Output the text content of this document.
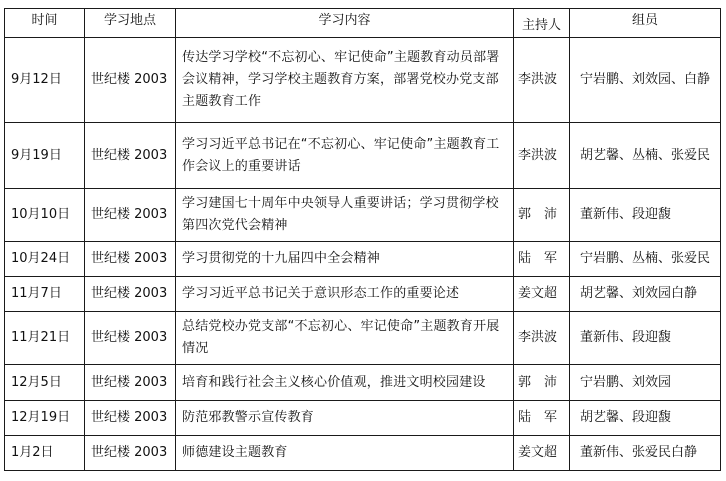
时间	学习地点	学习内容	主持人	组员
9月12日	世纪楼 2003	传达学习学校“不忘初心、牢记使命”主题教育动员部署会议精神，学习学校主题教育方案，部署党校办党支部主题教育工作	李洪波	宁岩鹏、刘效园、白静
9月19日	世纪楼 2003	学习习近平总书记在“不忘初心、牢记使命”主题教育工作会议上的重要讲话	李洪波	胡艺馨、丛楠、张爱民
10月10日	世纪楼 2003	学习建国七十周年中央领导人重要讲话；学习贯彻学校第四次党代会精神	郭　沛	董新伟、段迎馥
10月24日	世纪楼 2003	学习贯彻党的十九届四中全会精神	陆　军	宁岩鹏、丛楠、张爱民
11月7日	世纪楼 2003	学习习近平总书记关于意识形态工作的重要论述	姜文超	胡艺馨、刘效园白静
11月21日	世纪楼 2003	总结党校办党支部“不忘初心、牢记使命”主题教育开展情况	李洪波	董新伟、段迎馥
12月5日	世纪楼 2003	培育和践行社会主义核心价值观，推进文明校园建设	郭　沛	宁岩鹏、刘效园
12月19日	世纪楼 2003	防范邪教警示宣传教育	陆　军	胡艺馨、段迎馥
1月2日	世纪楼 2003	师德建设主题教育	姜文超	董新伟、张爱民白静
